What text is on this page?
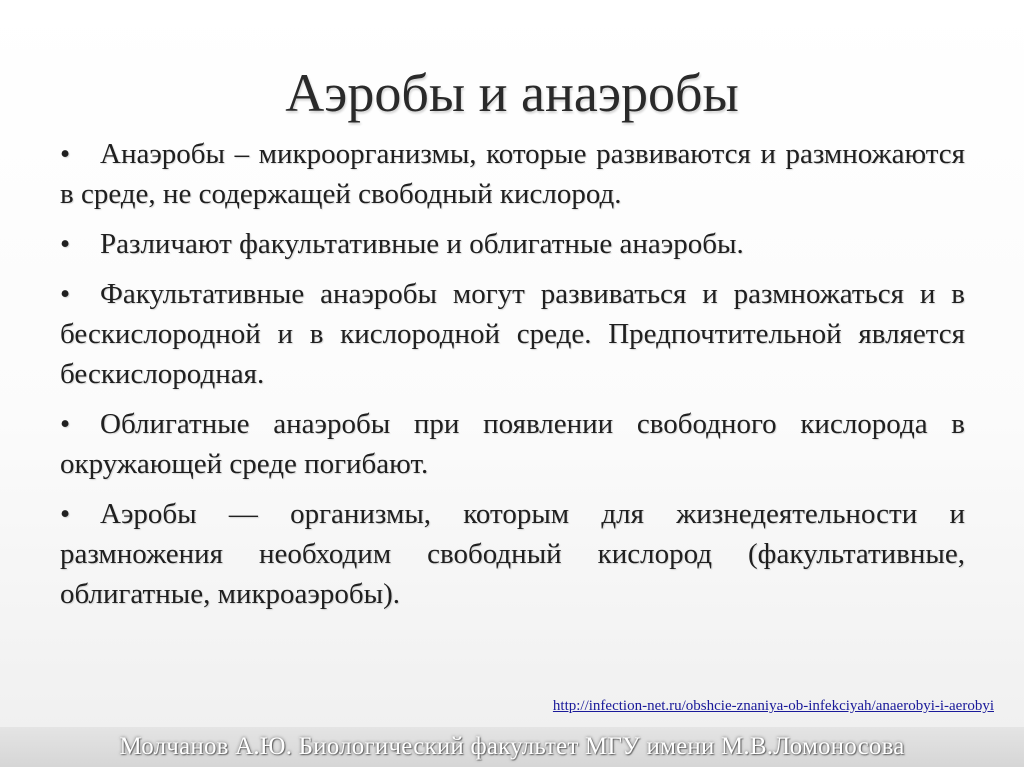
Аэробы и анаэробы
• Анаэробы – микроорганизмы, которые развиваются и размножаются в среде, не содержащей свободный кислород.
• Различают факультативные и облигатные анаэробы.
• Факультативные анаэробы могут развиваться и размножаться и в бескислородной и в кислородной среде. Предпочтительной является бескислородная.
• Облигатные анаэробы при появлении свободного кислорода в окружающей среде погибают.
• Аэробы — организмы, которым для жизнедеятельности и размножения необходим свободный кислород (факультативные, облигатные, микроаэробы).
http://infection-net.ru/obshcie-znaniya-ob-infekciyah/anaerobyi-i-aerobyi
Молчанов А.Ю. Биологический факультет МГУ имени М.В.Ломоносова
